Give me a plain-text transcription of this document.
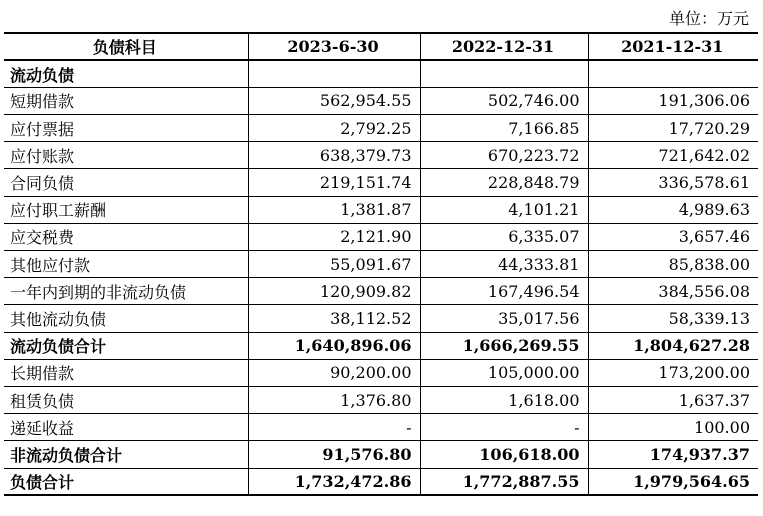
单位：万元
负债科目	2023-6-30	2022-12-31	2021-12-31
流动负债			
短期借款	562,954.55	502,746.00	191,306.06
应付票据	2,792.25	7,166.85	17,720.29
应付账款	638,379.73	670,223.72	721,642.02
合同负债	219,151.74	228,848.79	336,578.61
应付职工薪酬	1,381.87	4,101.21	4,989.63
应交税费	2,121.90	6,335.07	3,657.46
其他应付款	55,091.67	44,333.81	85,838.00
一年内到期的非流动负债	120,909.82	167,496.54	384,556.08
其他流动负债	38,112.52	35,017.56	58,339.13
流动负债合计	1,640,896.06	1,666,269.55	1,804,627.28
长期借款	90,200.00	105,000.00	173,200.00
租赁负债	1,376.80	1,618.00	1,637.37
递延收益	-	-	100.00
非流动负债合计	91,576.80	106,618.00	174,937.37
负债合计	1,732,472.86	1,772,887.55	1,979,564.65
